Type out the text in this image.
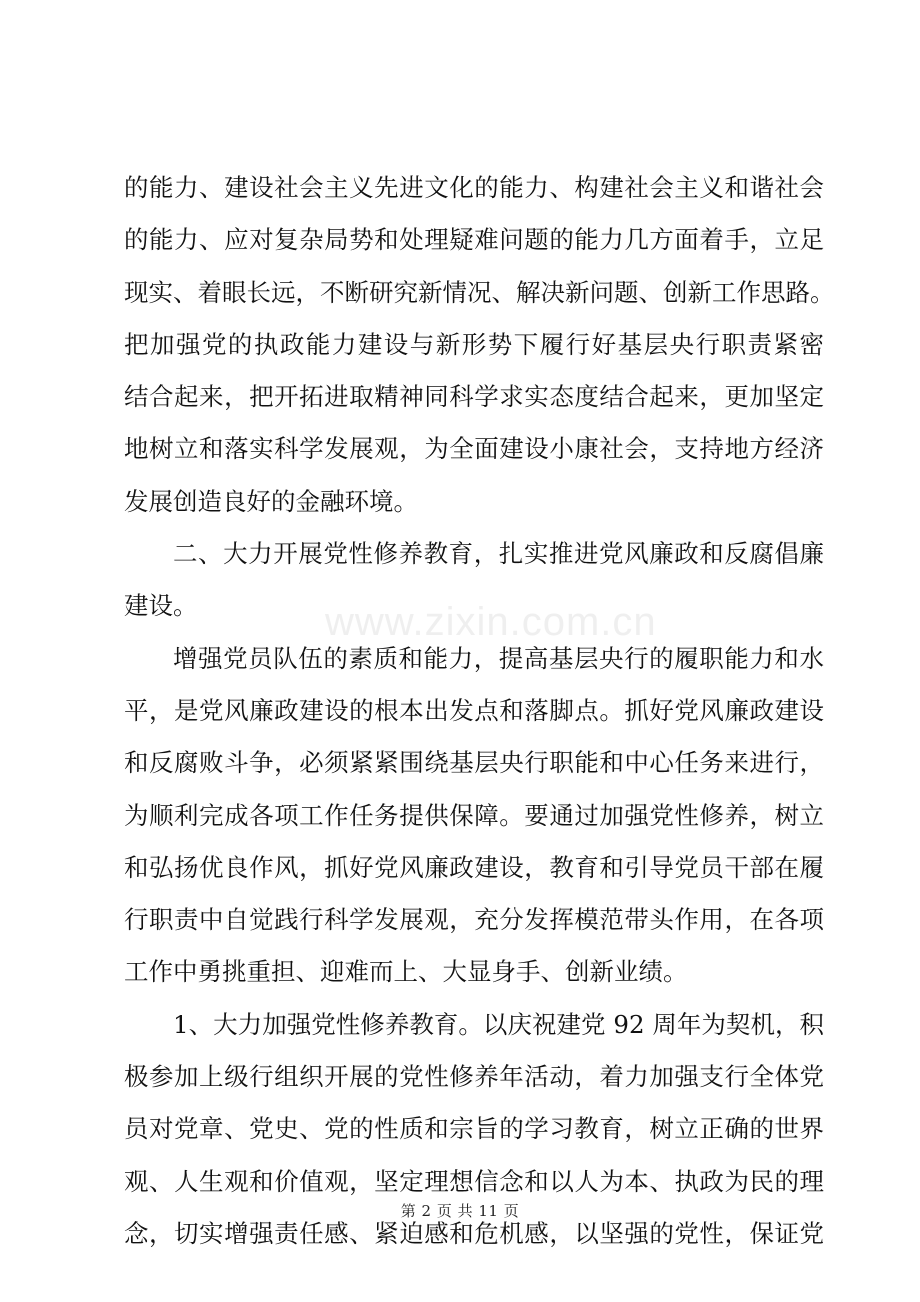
www.zixin.com.cn
的能力、建设社会主义先进文化的能力、构建社会主义和谐社会
的能力、应对复杂局势和处理疑难问题的能力几方面着手，立足
现实、着眼长远，不断研究新情况、解决新问题、创新工作思路。
把加强党的执政能力建设与新形势下履行好基层央行职责紧密
结合起来，把开拓进取精神同科学求实态度结合起来，更加坚定
地树立和落实科学发展观，为全面建设小康社会，支持地方经济
发展创造良好的金融环境。
二、大力开展党性修养教育，扎实推进党风廉政和反腐倡廉
建设。
增强党员队伍的素质和能力，提高基层央行的履职能力和水
平，是党风廉政建设的根本出发点和落脚点。抓好党风廉政建设
和反腐败斗争，必须紧紧围绕基层央行职能和中心任务来进行，
为顺利完成各项工作任务提供保障。要通过加强党性修养，树立
和弘扬优良作风，抓好党风廉政建设，教育和引导党员干部在履
行职责中自觉践行科学发展观，充分发挥模范带头作用，在各项
工作中勇挑重担、迎难而上、大显身手、创新业绩。
1、大力加强党性修养教育。以庆祝建党 92 周年为契机，积
极参加上级行组织开展的党性修养年活动，着力加强支行全体党
员对党章、党史、党的性质和宗旨的学习教育，树立正确的世界
观、人生观和价值观，坚定理想信念和以人为本、执政为民的理
念，切实增强责任感、紧迫感和危机感，以坚强的党性，保证党
第 2 页 共 11 页
